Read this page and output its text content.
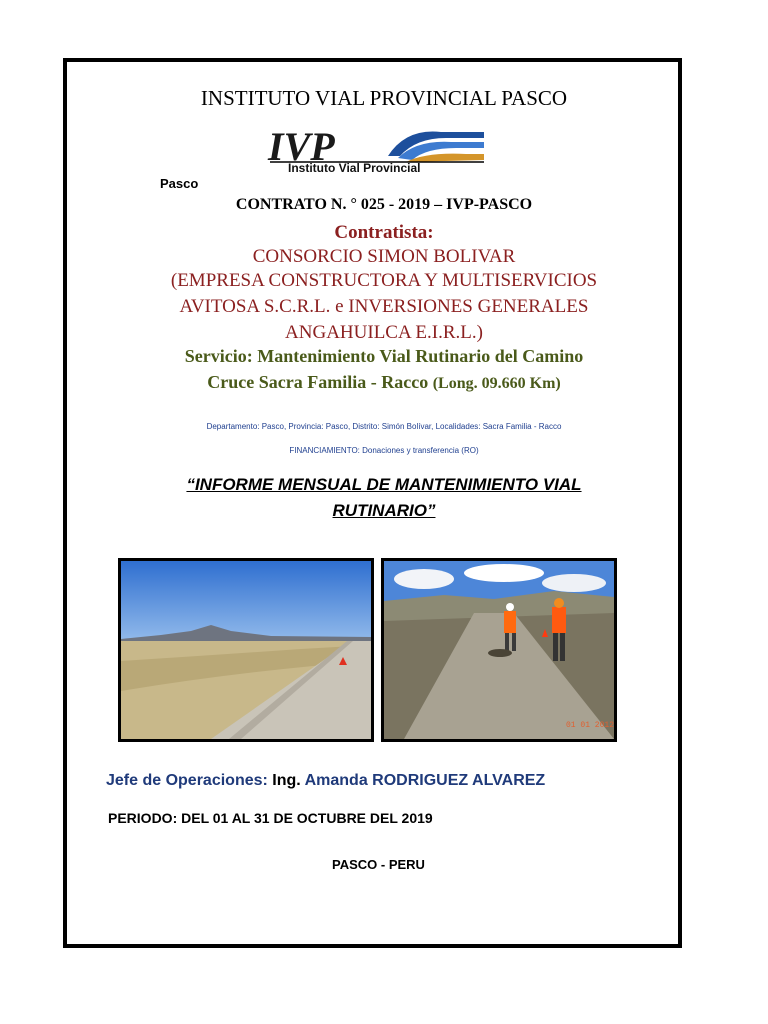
INSTITUTO VIAL PROVINCIAL PASCO
IVP
Instituto Vial Provincial
Pasco
CONTRATO N. ° 025 - 2019 – IVP-PASCO
Contratista:
CONSORCIO SIMON BOLIVAR
(EMPRESA CONSTRUCTORA Y MULTISERVICIOS
AVITOSA S.C.R.L. e INVERSIONES GENERALES
ANGAHUILCA E.I.R.L.)
Servicio: Mantenimiento Vial Rutinario del Camino
Cruce Sacra Familia - Racco (Long. 09.660 Km)
Departamento: Pasco, Provincia: Pasco, Distrito: Simón Bolívar, Localidades: Sacra Familia - Racco
FINANCIAMIENTO: Donaciones y transferencia (RO)
“INFORME MENSUAL DE MANTENIMIENTO VIAL
RUTINARIO”
01 01 2012
Jefe de Operaciones: Ing. Amanda RODRIGUEZ ALVAREZ
PERIODO: DEL 01 AL 31 DE OCTUBRE DEL 2019
PASCO - PERU
